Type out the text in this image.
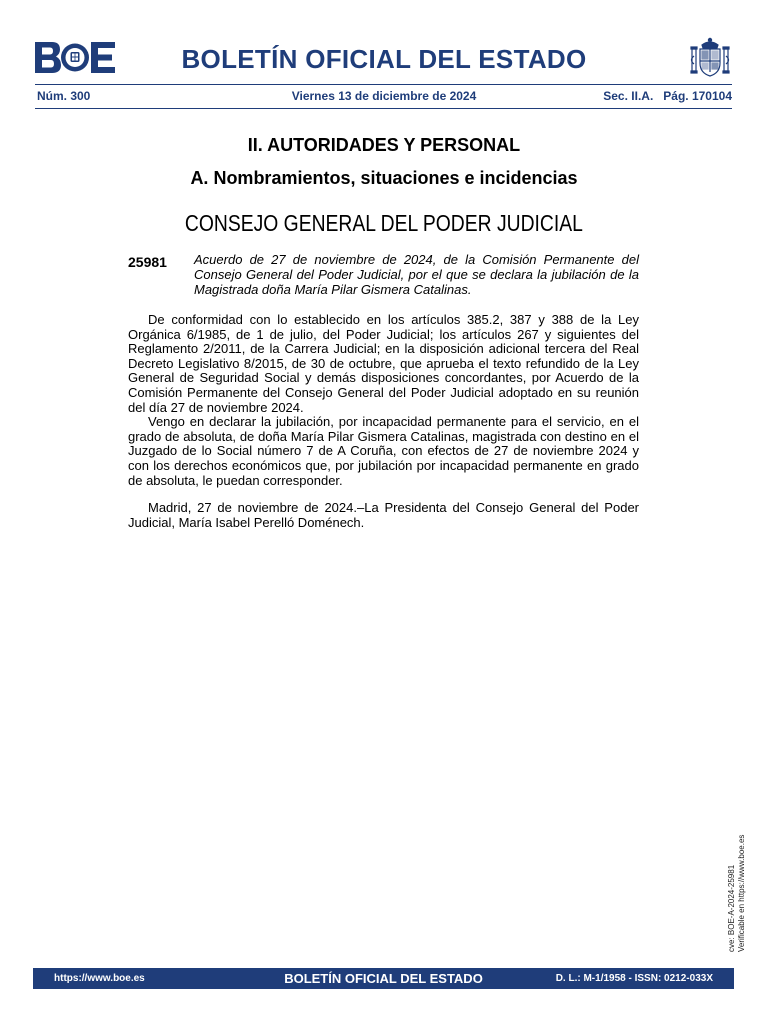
BOLETÍN OFICIAL DEL ESTADO
Núm. 300	Viernes 13 de diciembre de 2024	Sec. II.A. Pág. 170104
II. AUTORIDADES Y PERSONAL
A. Nombramientos, situaciones e incidencias
CONSEJO GENERAL DEL PODER JUDICIAL
25981 Acuerdo de 27 de noviembre de 2024, de la Comisión Permanente del Consejo General del Poder Judicial, por el que se declara la jubilación de la Magistrada doña María Pilar Gismera Catalinas.

De conformidad con lo establecido en los artículos 385.2, 387 y 388 de la Ley Orgánica 6/1985, de 1 de julio, del Poder Judicial; los artículos 267 y siguientes del Reglamento 2/2011, de la Carrera Judicial; en la disposición adicional tercera del Real Decreto Legislativo 8/2015, de 30 de octubre, que aprueba el texto refundido de la Ley General de Seguridad Social y demás disposiciones concordantes, por Acuerdo de la Comisión Permanente del Consejo General del Poder Judicial adoptado en su reunión del día 27 de noviembre 2024.

Vengo en declarar la jubilación, por incapacidad permanente para el servicio, en el grado de absoluta, de doña María Pilar Gismera Catalinas, magistrada con destino en el Juzgado de lo Social número 7 de A Coruña, con efectos de 27 de noviembre 2024 y con los derechos económicos que, por jubilación por incapacidad permanente en grado de absoluta, le puedan corresponder.

Madrid, 27 de noviembre de 2024.–La Presidenta del Consejo General del Poder Judicial, María Isabel Perelló Doménech.

cve: BOE-A-2024-25981 Verificable en https://www.boe.es
https://www.boe.es	BOLETÍN OFICIAL DEL ESTADO	D. L.: M-1/1958 - ISSN: 0212-033X
